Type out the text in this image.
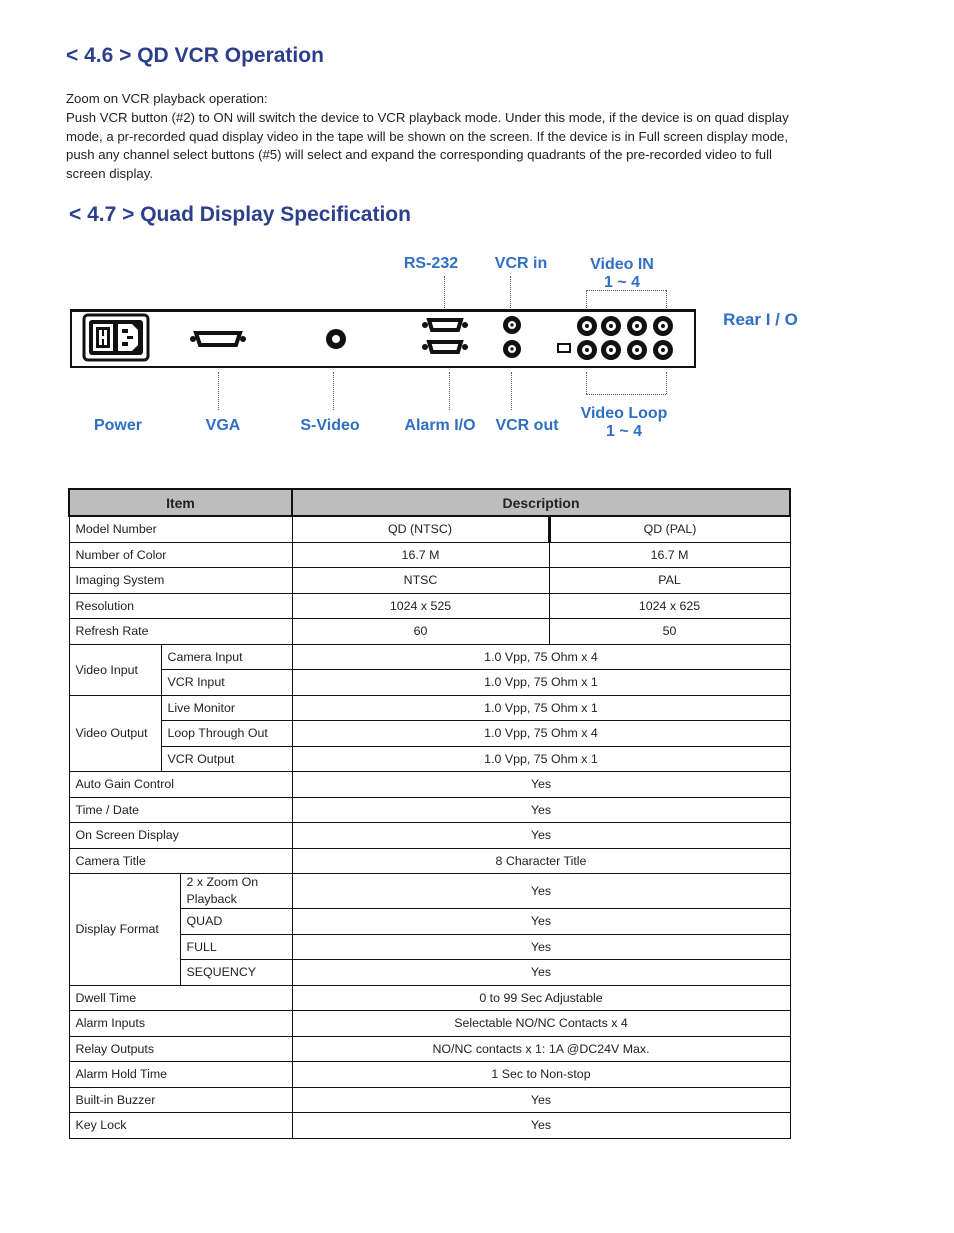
< 4.6 > QD VCR Operation

Zoom on VCR playback operation:

Push VCR button (#2) to ON will switch the device to VCR playback mode. Under this mode, if the device is on quad display mode, a pr-recorded quad display video in the tape will be shown on the screen. If the device is in Full screen display mode, push any channel select buttons (#5) will select and expand the corresponding quadrants of the pre-recorded video to full screen display.

< 4.7 > Quad Display Specification
RS-232	VCR in	Video IN
1 ~ 4
Rear I / O
Power	VGA	S-Video	Alarm I/O	VCR out
Video Loop
1 ~ 4
Item			Description	
Model Number			QD (NTSC)	QD (PAL)
Number of Color			16.7 M	16.7 M
Imaging System			NTSC	PAL
Resolution			1024 x 525	1024 x 625
Refresh Rate			60	50
Video Input	Camera Input		1.0 Vpp, 75 Ohm x 4	
	VCR Input		1.0 Vpp, 75 Ohm x 1	
Video Output	Live Monitor		1.0 Vpp, 75 Ohm x 1	
	Loop Through Out		1.0 Vpp, 75 Ohm x 4	
	VCR Output		1.0 Vpp, 75 Ohm x 1	
Auto Gain Control			Yes	
Time / Date			Yes	
On Screen Display			Yes	
Camera Title			8 Character Title	
Display Format		2 x Zoom On Playback	Yes	
		QUAD	Yes	
		FULL	Yes	
		SEQUENCY	Yes	
Dwell Time			0 to 99 Sec Adjustable	
Alarm Inputs			Selectable NO/NC Contacts x 4	
Relay Outputs			NO/NC contacts x 1: 1A @DC24V Max.	
Alarm Hold Time			1 Sec to Non-stop	
Built-in Buzzer			Yes	
Key Lock			Yes	
